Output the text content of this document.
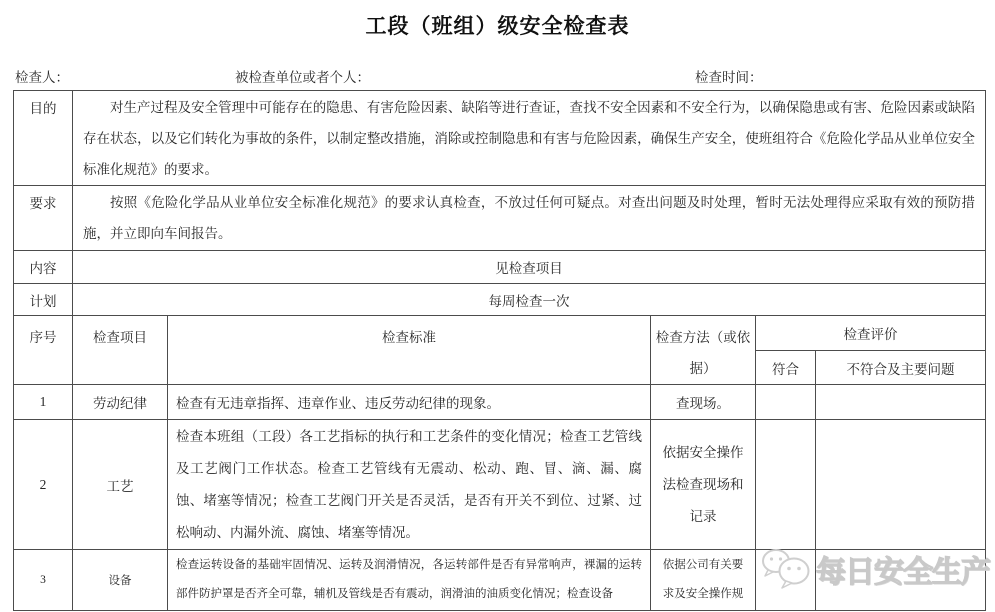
工段（班组）级安全检查表
检查人：	被检查单位或者个人：	检查时间：
目的	对生产过程及安全管理中可能存在的隐患、有害危险因素、缺陷等进行查证，查找不安全因素和不安全行为，以确保隐患或有害、危险因素或缺陷存在状态，以及它们转化为事故的条件，以制定整改措施，消除或控制隐患和有害与危险因素，确保生产安全，使班组符合《危险化学品从业单位安全标准化规范》的要求。				
要求	按照《危险化学品从业单位安全标准化规范》的要求认真检查，不放过任何可疑点。对查出问题及时处理，暂时无法处理得应采取有效的预防措施，并立即向车间报告。				
内容	见检查项目				
计划	每周检查一次				
序号	检查项目	检查标准	检查方法（或依据）	检查评价	
				符合	不符合及主要问题
1	劳动纪律	检查有无违章指挥、违章作业、违反劳动纪律的现象。	查现场。		
2	工艺	检查本班组（工段）各工艺指标的执行和工艺条件的变化情况；检查工艺管线及工艺阀门工作状态。检查工艺管线有无震动、松动、跑、冒、滴、漏、腐蚀、堵塞等情况；检查工艺阀门开关是否灵活，是否有开关不到位、过紧、过松响动、内漏外流、腐蚀、堵塞等情况。	依据安全操作法检查现场和记录		
3	设备	检查运转设备的基础牢固情况、运转及润滑情况，各运转部件是否有异常响声，裸漏的运转部件防护罩是否齐全可靠，辅机及管线是否有震动，润滑油的油质变化情况；检查设备	依据公司有关要求及安全操作规		
每日安全生产
